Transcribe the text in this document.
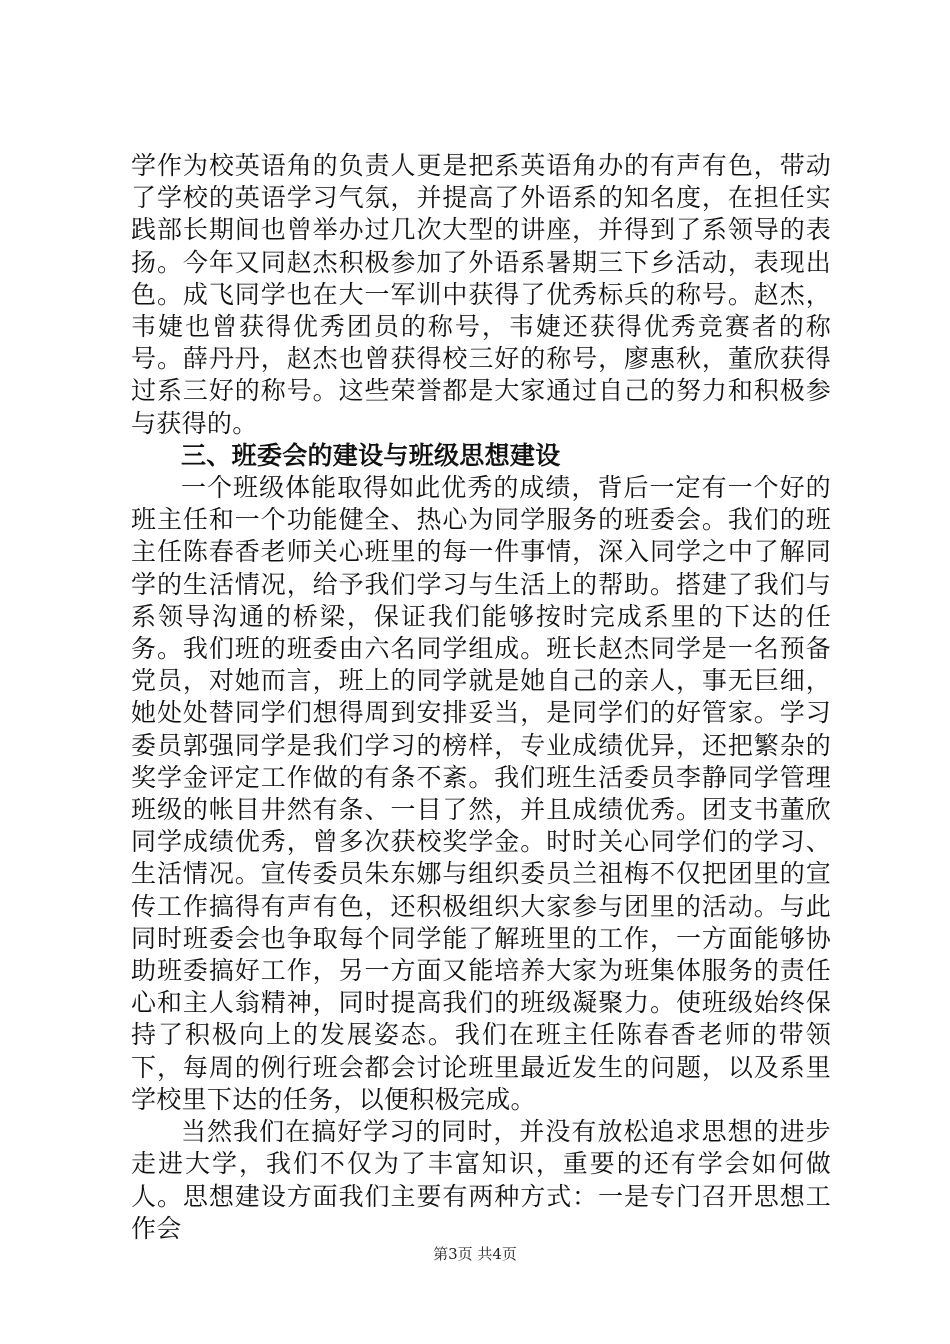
学作为校英语角的负责人更是把系英语角办的有声有色，带动了学校的英语学习气氛，并提高了外语系的知名度，在担任实践部长期间也曾举办过几次大型的讲座，并得到了系领导的表扬。今年又同赵杰积极参加了外语系暑期三下乡活动，表现出色。成飞同学也在大一军训中获得了优秀标兵的称号。赵杰，韦婕也曾获得优秀团员的称号，韦婕还获得优秀竞赛者的称号。薛丹丹，赵杰也曾获得校三好的称号，廖惠秋，董欣获得过系三好的称号。这些荣誉都是大家通过自己的努力和积极参与获得的。

三、班委会的建设与班级思想建设

一个班级体能取得如此优秀的成绩，背后一定有一个好的班主任和一个功能健全、热心为同学服务的班委会。我们的班主任陈春香老师关心班里的每一件事情，深入同学之中了解同学的生活情况，给予我们学习与生活上的帮助。搭建了我们与系领导沟通的桥梁，保证我们能够按时完成系里的下达的任务。我们班的班委由六名同学组成。班长赵杰同学是一名预备党员，对她而言，班上的同学就是她自己的亲人，事无巨细，她处处替同学们想得周到安排妥当，是同学们的好管家。学习委员郭强同学是我们学习的榜样，专业成绩优异，还把繁杂的奖学金评定工作做的有条不紊。我们班生活委员李静同学管理班级的帐目井然有条、一目了然，并且成绩优秀。团支书董欣同学成绩优秀，曾多次获校奖学金。时时关心同学们的学习、生活情况。宣传委员朱东娜与组织委员兰祖梅不仅把团里的宣传工作搞得有声有色，还积极组织大家参与团里的活动。与此同时班委会也争取每个同学能了解班里的工作，一方面能够协助班委搞好工作，另一方面又能培养大家为班集体服务的责任心和主人翁精神，同时提高我们的班级凝聚力。使班级始终保持了积极向上的发展姿态。我们在班主任陈春香老师的带领下，每周的例行班会都会讨论班里最近发生的问题，以及系里学校里下达的任务，以便积极完成。

当然我们在搞好学习的同时，并没有放松追求思想的进步走进大学，我们不仅为了丰富知识，重要的还有学会如何做人。思想建设方面我们主要有两种方式：一是专门召开思想工作会

第3页 共4页
